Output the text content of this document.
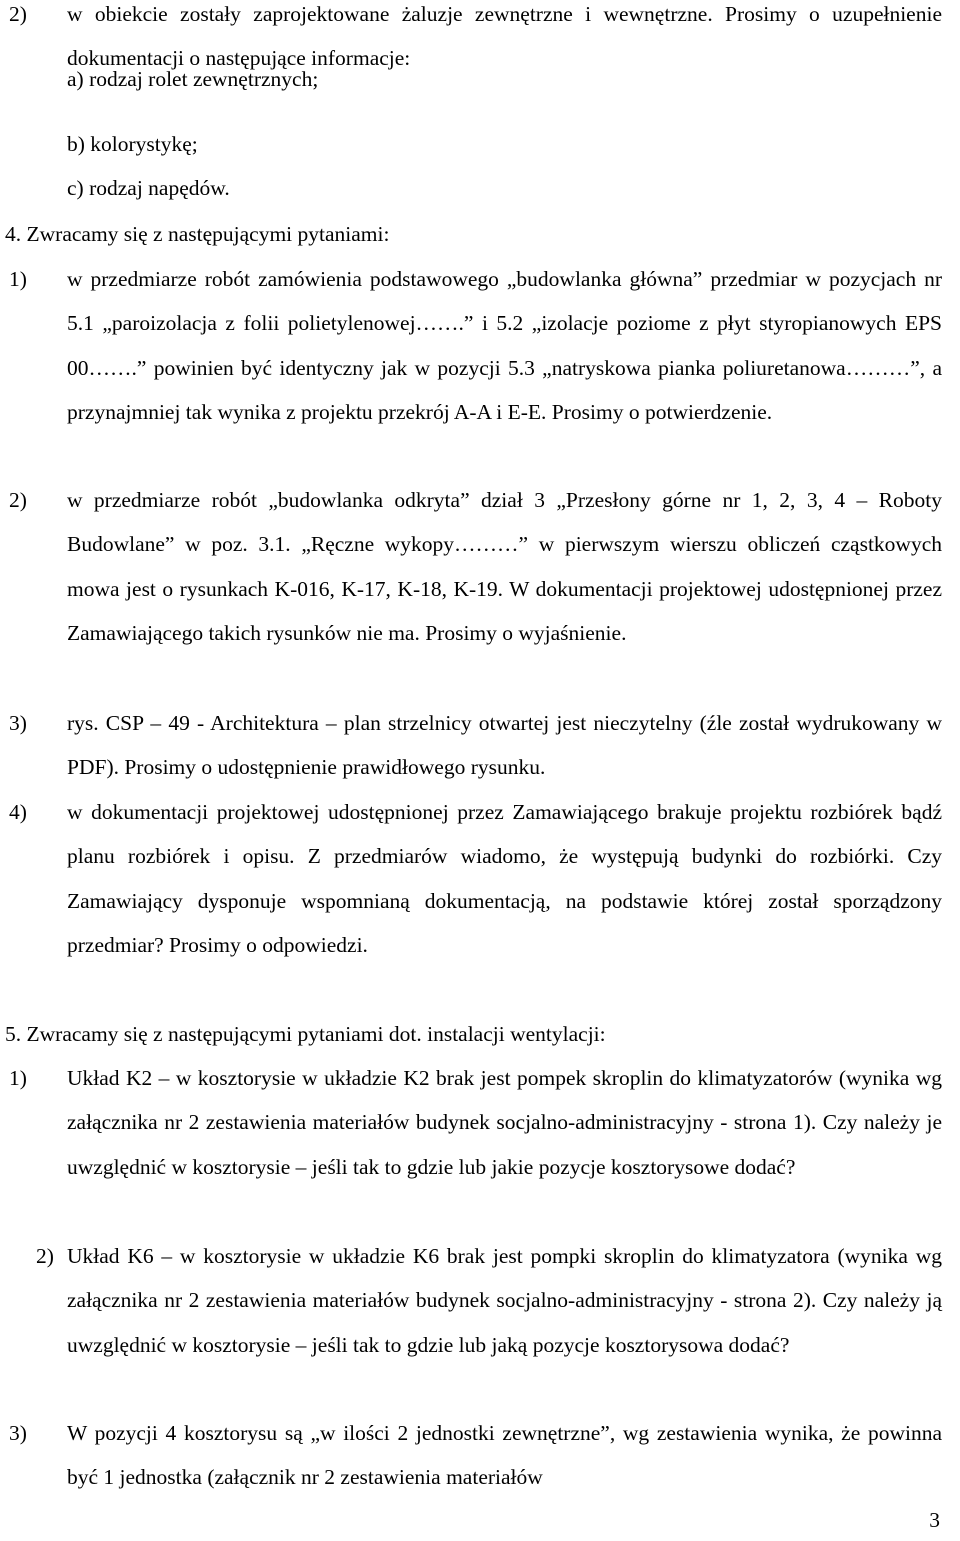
2) w obiekcie zostały zaprojektowane żaluzje zewnętrzne i wewnętrzne. Prosimy o uzupełnienie dokumentacji o następujące informacje:

a) rodzaj rolet zewnętrznych;

b) kolorystykę;

c) rodzaj napędów.

4. Zwracamy się z następującymi pytaniami:

1) w przedmiarze robót zamówienia podstawowego „budowlanka główna” przedmiar w pozycjach nr 5.1 „paroizolacja z folii polietylenowej…….” i 5.2 „izolacje poziome z płyt styropianowych EPS 00…….” powinien być identyczny jak w pozycji 5.3 „natryskowa pianka poliuretanowa………”, a przynajmniej tak wynika z projektu przekrój A-A i E-E. Prosimy o potwierdzenie.

2) w przedmiarze robót „budowlanka odkryta” dział 3 „Przesłony górne nr 1, 2, 3, 4 – Roboty Budowlane” w poz. 3.1. „Ręczne wykopy………” w pierwszym wierszu obliczeń cząstkowych mowa jest o rysunkach K-016, K-17, K-18, K-19. W dokumentacji projektowej udostępnionej przez Zamawiającego takich rysunków nie ma. Prosimy o wyjaśnienie.

3) rys. CSP – 49 - Architektura – plan strzelnicy otwartej jest nieczytelny (źle został wydrukowany w PDF). Prosimy o udostępnienie prawidłowego rysunku.

4) w dokumentacji projektowej udostępnionej przez Zamawiającego brakuje projektu rozbiórek bądź planu rozbiórek i opisu. Z przedmiarów wiadomo, że występują budynki do rozbiórki. Czy Zamawiający dysponuje wspomnianą dokumentacją, na podstawie której został sporządzony przedmiar? Prosimy o odpowiedzi.

5. Zwracamy się z następującymi pytaniami dot. instalacji wentylacji:

1) Układ K2 – w kosztorysie w układzie K2 brak jest pompek skroplin do klimatyzatorów (wynika wg załącznika nr 2 zestawienia materiałów budynek socjalno-administracyjny - strona 1). Czy należy je uwzględnić w kosztorysie – jeśli tak to gdzie lub jakie pozycje kosztorysowe dodać?

2) Układ K6 – w kosztorysie w układzie K6 brak jest pompki skroplin do klimatyzatora (wynika wg załącznika nr 2 zestawienia materiałów budynek socjalno-administracyjny - strona 2). Czy należy ją uwzględnić w kosztorysie – jeśli tak to gdzie lub jaką pozycje kosztorysowa dodać?

3) W pozycji 4 kosztorysu są „w ilości 2 jednostki zewnętrzne”, wg zestawienia wynika, że powinna być 1 jednostka (załącznik nr 2 zestawienia materiałów

3
